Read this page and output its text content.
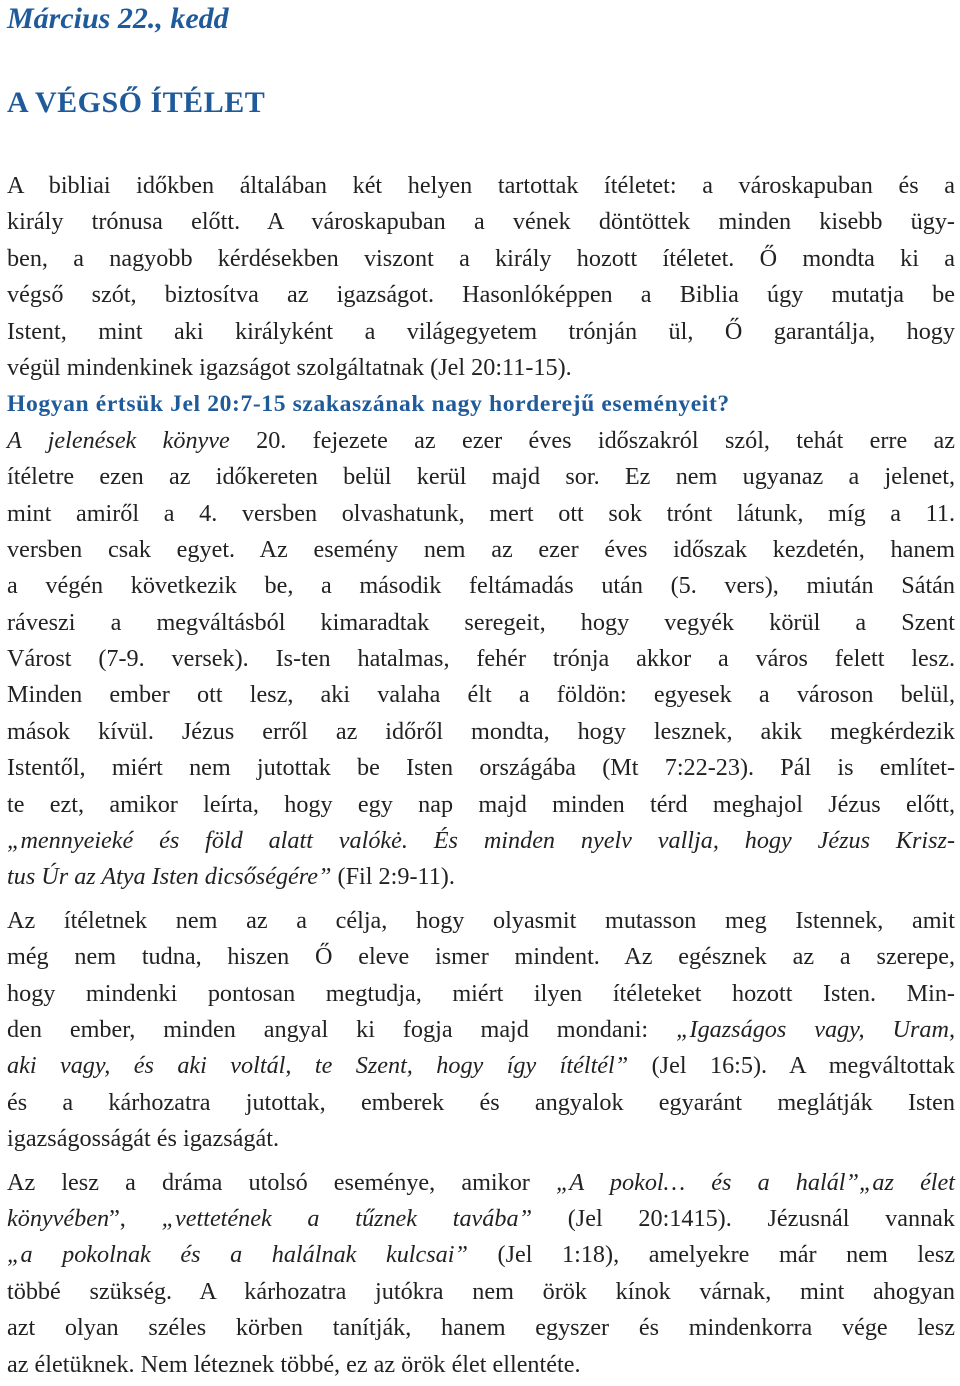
Március 22., kedd
A VÉGSŐ ÍTÉLET
A bibliai időkben általában két helyen tartottak ítéletet: a városkapuban és a
király trónusa előtt. A városkapuban a vének döntöttek minden kisebb ügy-
ben, a nagyobb kérdésekben viszont a király hozott ítéletet. Ő mondta ki a
végső szót, biztosítva az igazságot. Hasonlóképpen a Biblia úgy mutatja be
Istent, mint aki királyként a világegyetem trónján ül, Ő garantálja, hogy
végül mindenkinek igazságot szolgáltatnak (Jel 20:11-15).
Hogyan értsük Jel 20:7-15 szakaszának nagy horderejű eseményeit?
A jelenések könyve 20. fejezete az ezer éves időszakról szól, tehát erre az
ítéletre ezen az időkereten belül kerül majd sor. Ez nem ugyanaz a jelenet,
mint amiről a 4. versben olvashatunk, mert ott sok trónt látunk, míg a 11.
versben csak egyet. Az esemény nem az ezer éves időszak kezdetén, hanem
a végén következik be, a második feltámadás után (5. vers), miután Sátán
ráveszi a megváltásból kimaradtak seregeit, hogy vegyék körül a Szent
Várost (7-9. versek). Is-ten hatalmas, fehér trónja akkor a város felett lesz.
Minden ember ott lesz, aki valaha élt a földön: egyesek a városon belül,
mások kívül. Jézus erről az időről mondta, hogy lesznek, akik megkérdezik
Istentől, miért nem jutottak be Isten országába (Mt 7:22-23). Pál is említet-
te ezt, amikor leírta, hogy egy nap majd minden térd meghajol Jézus előtt,
„mennyeieké és föld alatt valókė. És minden nyelv vallja, hogy Jézus Krisz-
tus Úr az Atya Isten dicsőségére” (Fil 2:9-11).
Az ítéletnek nem az a célja, hogy olyasmit mutasson meg Istennek, amit
még nem tudna, hiszen Ő eleve ismer mindent. Az egésznek az a szerepe,
hogy mindenki pontosan megtudja, miért ilyen ítéleteket hozott Isten. Min-
den ember, minden angyal ki fogja majd mondani: „Igazságos vagy, Uram,
aki vagy, és aki voltál, te Szent, hogy így ítéltél” (Jel 16:5). A megváltottak
és a kárhozatra jutottak, emberek és angyalok egyaránt meglátják Isten
igazságosságát és igazságát.
Az lesz a dráma utolsó eseménye, amikor „A pokol… és a halál”„az élet
könyvében”, „vettetének a tűznek tavába” (Jel 20:1415). Jézusnál vannak
„a pokolnak és a halálnak kulcsai” (Jel 1:18), amelyekre már nem lesz
többé szükség. A kárhozatra jutókra nem örök kínok várnak, mint ahogyan
azt olyan széles körben tanítják, hanem egyszer és mindenkorra vége lesz
az életüknek. Nem léteznek többé, ez az örök élet ellentéte.
